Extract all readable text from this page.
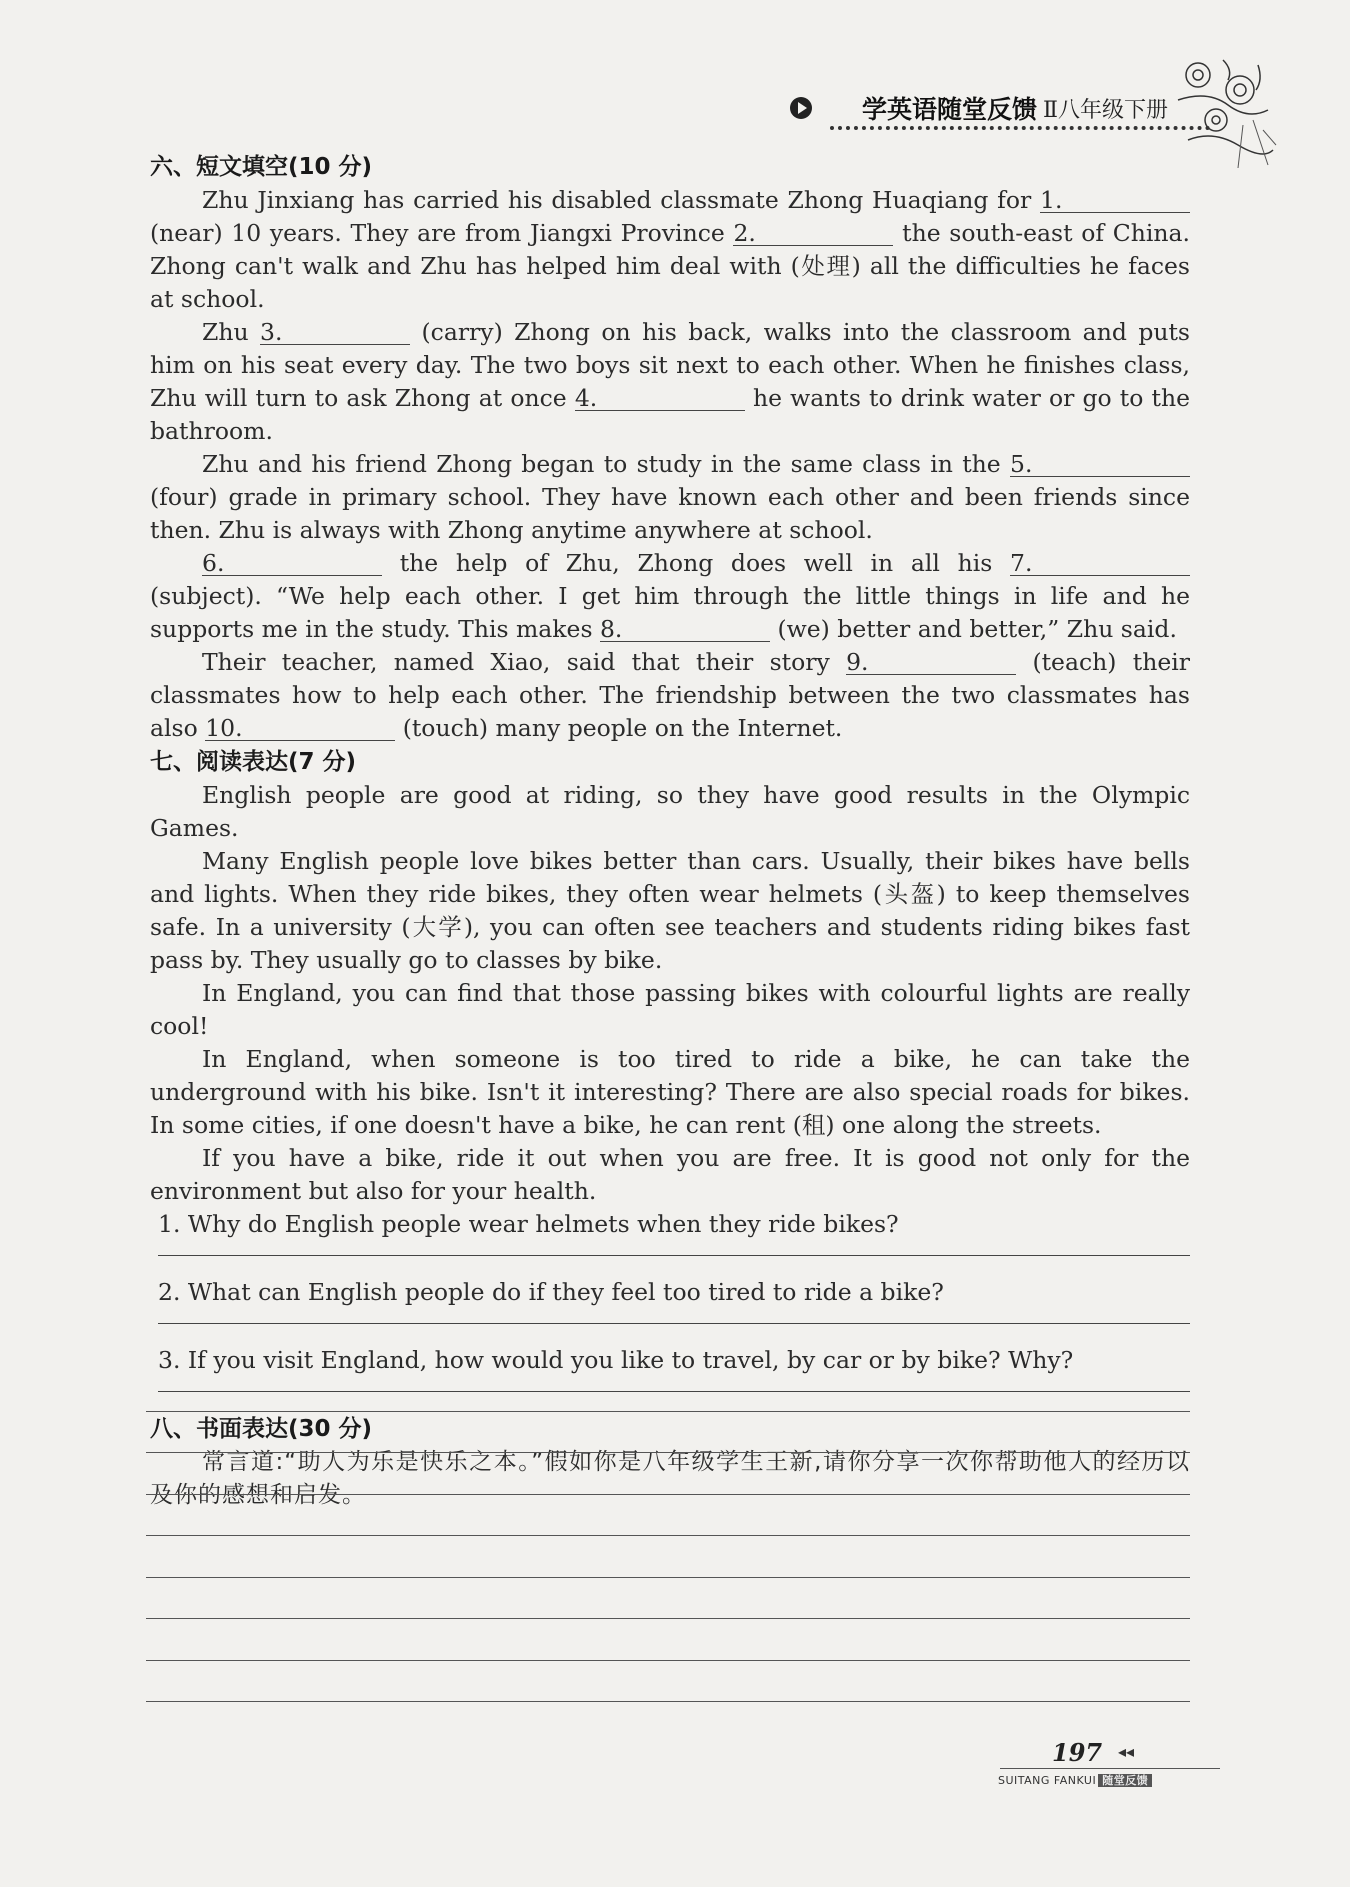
学英语随堂反馈 Ⅱ八年级下册

六、短文填空(10 分)

Zhu Jinxiang has carried his disabled classmate Zhong Huaqiang for 1. (near) 10 years. They are from Jiangxi Province 2.	the south-east of China. Zhong can't walk and Zhu has helped him deal with (处理) all the difficulties he faces at school.

Zhu 3.	(carry) Zhong on his back, walks into the classroom and puts him on his seat every day. The two boys sit next to each other. When he finishes class, Zhu will turn to ask Zhong at once 4.	he wants to drink water or go to the bathroom.

Zhu and his friend Zhong began to study in the same class in the 5. (four) grade in primary school. They have known each other and been friends since then. Zhu is always with Zhong anytime anywhere at school.

6.	the help of Zhu, Zhong does well in all his 7. (subject). “We help each other. I get him through the little things in life and he supports me in the study. This makes 8.	(we) better and better,” Zhu said.

Their teacher, named Xiao, said that their story 9.	(teach) their classmates how to help each other. The friendship between the two classmates has also 10.	(touch) many people on the Internet.

七、阅读表达(7 分)

English people are good at riding, so they have good results in the Olympic Games.

Many English people love bikes better than cars. Usually, their bikes have bells and lights. When they ride bikes, they often wear helmets (头盔) to keep themselves safe. In a university (大学), you can often see teachers and students riding bikes fast pass by. They usually go to classes by bike.

In England, you can find that those passing bikes with colourful lights are really cool!

In England, when someone is too tired to ride a bike, he can take the underground with his bike. Isn't it interesting? There are also special roads for bikes. In some cities, if one doesn't have a bike, he can rent (租) one along the streets.

If you have a bike, ride it out when you are free. It is good not only for the environment but also for your health.

1. Why do English people wear helmets when they ride bikes?

2. What can English people do if they feel too tired to ride a bike?

3. If you visit England, how would you like to travel, by car or by bike? Why?

八、书面表达(30 分)

常言道:“助人为乐是快乐之本。”假如你是八年级学生王新,请你分享一次你帮助他人的经历以及你的感想和启发。

197 ◂◂
SUITANG FANKUI 随堂反馈
